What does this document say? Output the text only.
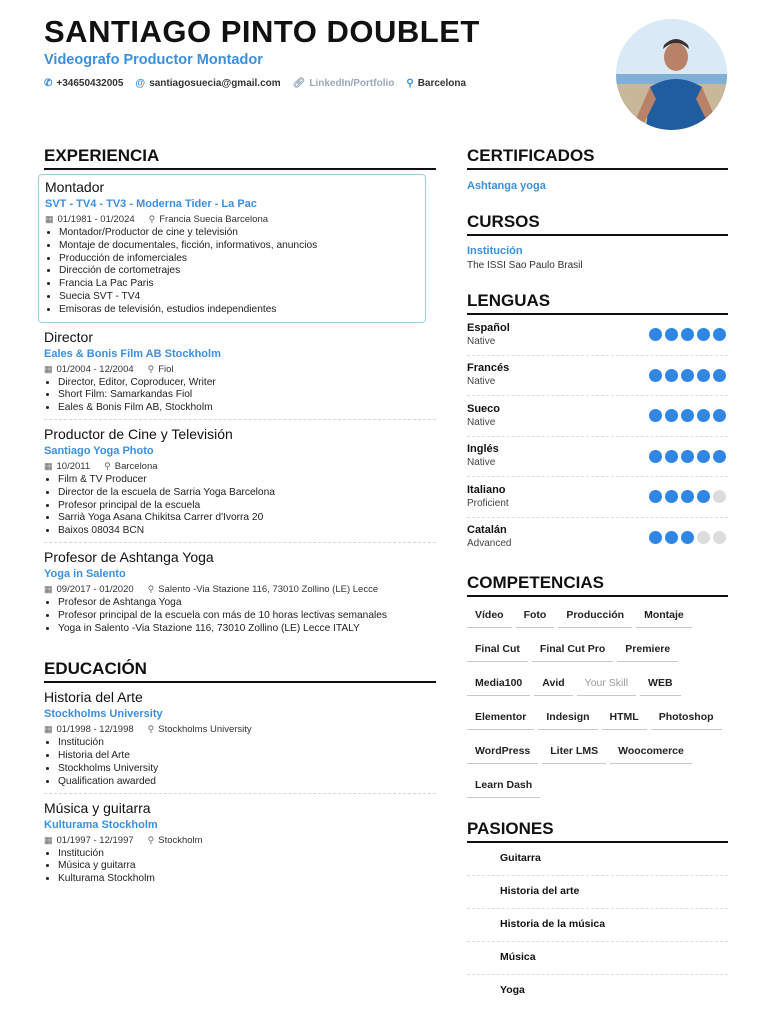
SANTIAGO PINTO DOUBLET
Videografo Productor Montador
✆ +34650432005 @ santiagosuecia@gmail.com 🔗︎ LinkedIn/Portfolio ⚲ Barcelona
EXPERIENCIA
Montador
SVT - TV4 - TV3 - Moderna Tider - La Pac
▦ 01/1981 - 01/2024 ⚲ Francia Suecia Barcelona
• Montador/Productor de cine y televisión
• Montaje de documentales, ficción, informativos, anuncios
• Producción de infomerciales
• Dirección de cortometrajes
• Francia La Pac Paris
• Suecia SVT - TV4
• Emisoras de televisión, estudios independientes
Director
Eales & Bonis Film AB Stockholm
▦ 01/2004 - 12/2004 ⚲ Fiol
• Director, Editor, Coproducer, Writer
• Short Film: Samarkandas Fiol
• Eales & Bonis Film AB, Stockholm
Productor de Cine y Televisión
Santiago Yoga Photo
▦ 10/2011 ⚲ Barcelona
• Film & TV Producer
• Director de la escuela de Sarria Yoga Barcelona
• Profesor principal de la escuela
• Sarrià Yoga Asana Chikitsa Carrer d'Ivorra 20
• Baixos 08034 BCN
Profesor de Ashtanga Yoga
Yoga in Salento
▦ 09/2017 - 01/2020 ⚲ Salento -Via Stazione 116, 73010 Zollino (LE) Lecce
• Profesor de Ashtanga Yoga
• Profesor principal de la escuela con más de 10 horas lectivas semanales
• Yoga in Salento -Via Stazione 116, 73010 Zollino (LE) Lecce ITALY
EDUCACIÓN
Historia del Arte
Stockholms University
▦ 01/1998 - 12/1998 ⚲ Stockholms University
• Institución
• Historia del Arte
• Stockholms University
• Qualification awarded
Música y guitarra
Kulturama Stockholm
▦ 01/1997 - 12/1997 ⚲ Stockholm
• Institución
• Música y guitarra
• Kulturama Stockholm
CERTIFICADOS
Ashtanga yoga
CURSOS
Institución
The ISSI Sao Paulo Brasil
LENGUAS
Español
Native
Francés
Native
Sueco
Native
Inglés
Native
Italiano
Proficient
Catalán
Advanced
COMPETENCIAS
Vídeo	Foto	Producción	Montaje
Final Cut	Final Cut Pro	Premiere
Media100	Avid	Your Skill	WEB
Elementor	Indesign	HTML	Photoshop
WordPress	Liter LMS	Woocomerce
Learn Dash
PASIONES
Guitarra
Historia del arte
Historia de la música
Música
Yoga
